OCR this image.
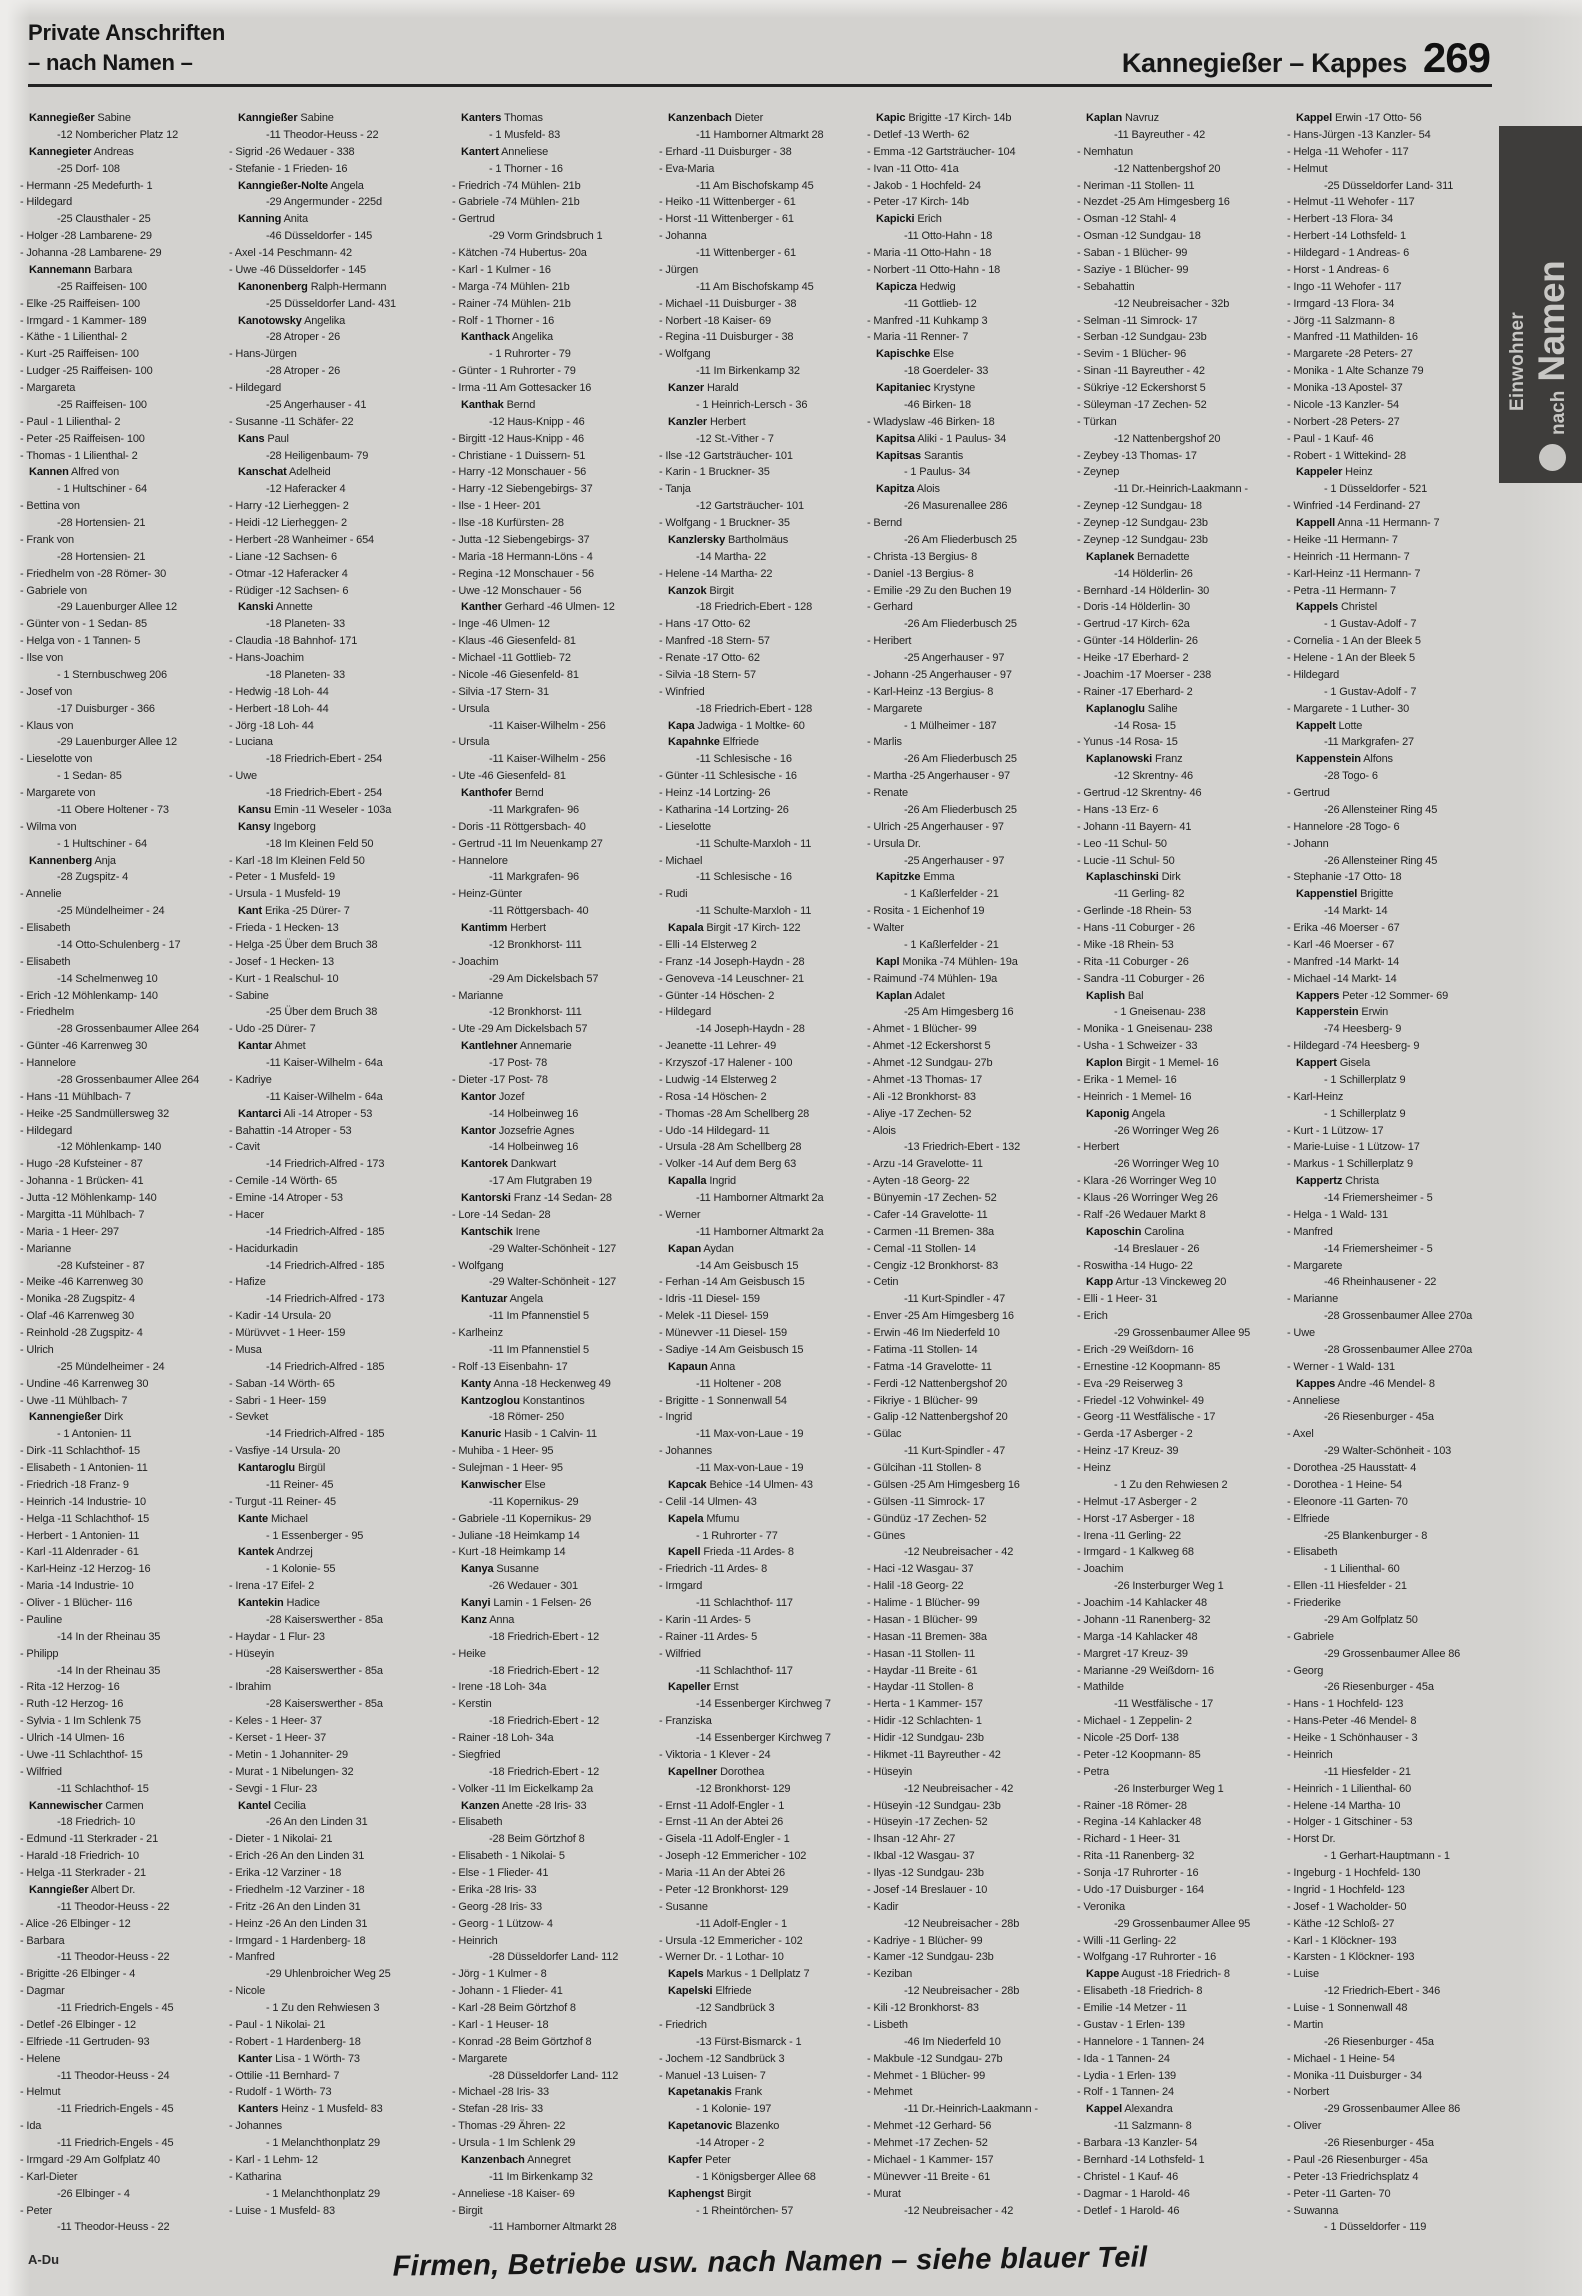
Private Anschriften
– nach Namen –	Kannegießer – Kappes 269
Kannegießer Sabine
-12 Nombericher Platz 12
Kannegieter Andreas
-25 Dorf- 108
- Hermann -25 Medefurth- 1
- Hildegard
-25 Clausthaler - 25
- Holger -28 Lambarene- 29
- Johanna -28 Lambarene- 29
Kannemann Barbara
-25 Raiffeisen- 100
- Elke -25 Raiffeisen- 100
- Irmgard - 1 Kammer- 189
- Käthe - 1 Lilienthal- 2
- Kurt -25 Raiffeisen- 100
- Ludger -25 Raiffeisen- 100
- Margareta
-25 Raiffeisen- 100
- Paul - 1 Lilienthal- 2
- Peter -25 Raiffeisen- 100
- Thomas - 1 Lilienthal- 2
Kannen Alfred von
- 1 Hultschiner - 64
- Bettina von
-28 Hortensien- 21
- Frank von
-28 Hortensien- 21
- Friedhelm von -28 Römer- 30
- Gabriele von
-29 Lauenburger Allee 12
- Günter von - 1 Sedan- 85
- Helga von - 1 Tannen- 5
- Ilse von
- 1 Sternbuschweg 206
- Josef von
-17 Duisburger - 366
- Klaus von
-29 Lauenburger Allee 12
- Lieselotte von
- 1 Sedan- 85
- Margarete von
-11 Obere Holtener - 73
- Wilma von
- 1 Hultschiner - 64
Kannenberg Anja
-28 Zugspitz- 4
- Annelie
-25 Mündelheimer - 24
- Elisabeth
-14 Otto-Schulenberg - 17
- Elisabeth
-14 Schelmenweg 10
- Erich -12 Möhlenkamp- 140
- Friedhelm
-28 Grossenbaumer Allee 264
- Günter -46 Karrenweg 30
- Hannelore
-28 Grossenbaumer Allee 264
- Hans -11 Mühlbach- 7
- Heike -25 Sandmüllersweg 32
- Hildegard
-12 Möhlenkamp- 140
- Hugo -28 Kufsteiner - 87
- Johanna - 1 Brücken- 41
- Jutta -12 Möhlenkamp- 140
- Margitta -11 Mühlbach- 7
- Maria - 1 Heer- 297
- Marianne
-28 Kufsteiner - 87
- Meike -46 Karrenweg 30
- Monika -28 Zugspitz- 4
- Olaf -46 Karrenweg 30
- Reinhold -28 Zugspitz- 4
- Ulrich
-25 Mündelheimer - 24
- Undine -46 Karrenweg 30
- Uwe -11 Mühlbach- 7
Kannengießer Dirk
- 1 Antonien- 11
- Dirk -11 Schlachthof- 15
- Elisabeth - 1 Antonien- 11
- Friedrich -18 Franz- 9
- Heinrich -14 Industrie- 10
- Helga -11 Schlachthof- 15
- Herbert - 1 Antonien- 11
- Karl -11 Aldenrader - 61
- Karl-Heinz -12 Herzog- 16
- Maria -14 Industrie- 10
- Oliver - 1 Blücher- 116
- Pauline
-14 In der Rheinau 35
- Philipp
-14 In der Rheinau 35
- Rita -12 Herzog- 16
- Ruth -12 Herzog- 16
- Sylvia - 1 Im Schlenk 75
- Ulrich -14 Ulmen- 16
- Uwe -11 Schlachthof- 15
- Wilfried
-11 Schlachthof- 15
Kannewischer Carmen
-18 Friedrich- 10
- Edmund -11 Sterkrader - 21
- Harald -18 Friedrich- 10
- Helga -11 Sterkrader - 21
Kanngießer Albert Dr.
-11 Theodor-Heuss - 22
- Alice -26 Elbinger - 12
- Barbara
-11 Theodor-Heuss - 22
- Brigitte -26 Elbinger - 4
- Dagmar
-11 Friedrich-Engels - 45
- Detlef -26 Elbinger - 12
- Elfriede -11 Gertruden- 93
- Helene
-11 Theodor-Heuss - 24
- Helmut
-11 Friedrich-Engels - 45
- Ida
-11 Friedrich-Engels - 45
- Irmgard -29 Am Golfplatz 40
- Karl-Dieter
-26 Elbinger - 4
- Peter
-11 Theodor-Heuss - 22
Kanngießer Sabine
-11 Theodor-Heuss - 22
- Sigrid -26 Wedauer - 338
- Stefanie - 1 Frieden- 16
Kanngießer-Nolte Angela
-29 Angermunder - 225d
Kanning Anita
-46 Düsseldorfer - 145
- Axel -14 Peschmann- 42
- Uwe -46 Düsseldorfer - 145
Kanonenberg Ralph-Hermann
-25 Düsseldorfer Land- 431
Kanotowsky Angelika
-28 Atroper - 26
- Hans-Jürgen
-28 Atroper - 26
- Hildegard
-25 Angerhauser - 41
- Susanne -11 Schäfer- 22
Kans Paul
-28 Heiligenbaum- 79
Kanschat Adelheid
-12 Haferacker 4
- Harry -12 Lierheggen- 2
- Heidi -12 Lierheggen- 2
- Herbert -28 Wanheimer - 654
- Liane -12 Sachsen- 6
- Otmar -12 Haferacker 4
- Rüdiger -12 Sachsen- 6
Kanski Annette
-18 Planeten- 33
- Claudia -18 Bahnhof- 171
- Hans-Joachim
-18 Planeten- 33
- Hedwig -18 Loh- 44
- Herbert -18 Loh- 44
- Jörg -18 Loh- 44
- Luciana
-18 Friedrich-Ebert - 254
- Uwe
-18 Friedrich-Ebert - 254
Kansu Emin -11 Weseler - 103a
Kansy Ingeborg
-18 Im Kleinen Feld 50
- Karl -18 Im Kleinen Feld 50
- Peter - 1 Musfeld- 19
- Ursula - 1 Musfeld- 19
Kant Erika -25 Dürer- 7
- Frieda - 1 Hecken- 13
- Helga -25 Über dem Bruch 38
- Josef - 1 Hecken- 13
- Kurt - 1 Realschul- 10
- Sabine
-25 Über dem Bruch 38
- Udo -25 Dürer- 7
Kantar Ahmet
-11 Kaiser-Wilhelm - 64a
- Kadriye
-11 Kaiser-Wilhelm - 64a
Kantarci Ali -14 Atroper - 53
- Bahattin -14 Atroper - 53
- Cavit
-14 Friedrich-Alfred - 173
- Cemile -14 Wörth- 65
- Emine -14 Atroper - 53
- Hacer
-14 Friedrich-Alfred - 185
- Hacidurkadin
-14 Friedrich-Alfred - 185
- Hafize
-14 Friedrich-Alfred - 173
- Kadir -14 Ursula- 20
- Mürüvvet - 1 Heer- 159
- Musa
-14 Friedrich-Alfred - 185
- Saban -14 Wörth- 65
- Sabri - 1 Heer- 159
- Sevket
-14 Friedrich-Alfred - 185
- Vasfiye -14 Ursula- 20
Kantaroglu Birgül
-11 Reiner- 45
- Turgut -11 Reiner- 45
Kante Michael
- 1 Essenberger - 95
Kantek Andrzej
- 1 Kolonie- 55
- Irena -17 Eifel- 2
Kantekin Hadice
-28 Kaiserswerther - 85a
- Haydar - 1 Flur- 23
- Hüseyin
-28 Kaiserswerther - 85a
- Ibrahim
-28 Kaiserswerther - 85a
- Keles - 1 Heer- 37
- Kerset - 1 Heer- 37
- Metin - 1 Johanniter- 29
- Murat - 1 Nibelungen- 32
- Sevgi - 1 Flur- 23
Kantel Cecilia
-26 An den Linden 31
- Dieter - 1 Nikolai- 21
- Erich -26 An den Linden 31
- Erika -12 Varziner - 18
- Friedhelm -12 Varziner - 18
- Fritz -26 An den Linden 31
- Heinz -26 An den Linden 31
- Irmgard - 1 Hardenberg- 18
- Manfred
-29 Uhlenbroicher Weg 25
- Nicole
- 1 Zu den Rehwiesen 3
- Paul - 1 Nikolai- 21
- Robert - 1 Hardenberg- 18
Kanter Lisa - 1 Wörth- 73
- Ottilie -11 Bernhard- 7
- Rudolf - 1 Wörth- 73
Kanters Heinz - 1 Musfeld- 83
- Johannes
- 1 Melanchthonplatz 29
- Karl - 1 Lehm- 12
- Katharina
- 1 Melanchthonplatz 29
- Luise - 1 Musfeld- 83
Kanters Thomas
- 1 Musfeld- 83
Kantert Anneliese
- 1 Thorner - 16
- Friedrich -74 Mühlen- 21b
- Gabriele -74 Mühlen- 21b
- Gertrud
-29 Vorm Grindsbruch 1
- Kätchen -74 Hubertus- 20a
- Karl - 1 Kulmer - 16
- Marga -74 Mühlen- 21b
- Rainer -74 Mühlen- 21b
- Rolf - 1 Thorner - 16
Kanthack Angelika
- 1 Ruhrorter - 79
- Günter - 1 Ruhrorter - 79
- Irma -11 Am Gottesacker 16
Kanthak Bernd
-12 Haus-Knipp - 46
- Birgitt -12 Haus-Knipp - 46
- Christiane - 1 Duissern- 51
- Harry -12 Monschauer - 56
- Harry -12 Siebengebirgs- 37
- Ilse - 1 Heer- 201
- Ilse -18 Kurfürsten- 28
- Jutta -12 Siebengebirgs- 37
- Maria -18 Hermann-Löns - 4
- Regina -12 Monschauer - 56
- Uwe -12 Monschauer - 56
Kanther Gerhard -46 Ulmen- 12
- Inge -46 Ulmen- 12
- Klaus -46 Giesenfeld- 81
- Michael -11 Gottlieb- 72
- Nicole -46 Giesenfeld- 81
- Silvia -17 Stern- 31
- Ursula
-11 Kaiser-Wilhelm - 256
- Ursula
-11 Kaiser-Wilhelm - 256
- Ute -46 Giesenfeld- 81
Kanthofer Bernd
-11 Markgrafen- 96
- Doris -11 Röttgersbach- 40
- Gertrud -11 Im Neuenkamp 27
- Hannelore
-11 Markgrafen- 96
- Heinz-Günter
-11 Röttgersbach- 40
Kantimm Herbert
-12 Bronkhorst- 111
- Joachim
-29 Am Dickelsbach 57
- Marianne
-12 Bronkhorst- 111
- Ute -29 Am Dickelsbach 57
Kantlehner Annemarie
-17 Post- 78
- Dieter -17 Post- 78
Kantor Jozef
-14 Holbeinweg 16
Kantor Jozsefrie Agnes
-14 Holbeinweg 16
Kantorek Dankwart
-17 Am Flutgraben 19
Kantorski Franz -14 Sedan- 28
- Lore -14 Sedan- 28
Kantschik Irene
-29 Walter-Schönheit - 127
- Wolfgang
-29 Walter-Schönheit - 127
Kantuzar Angela
-11 Im Pfannenstiel 5
- Karlheinz
-11 Im Pfannenstiel 5
- Rolf -13 Eisenbahn- 17
Kanty Anna -18 Heckenweg 49
Kantzoglou Konstantinos
-18 Römer- 250
Kanuric Hasib - 1 Calvin- 11
- Muhiba - 1 Heer- 95
- Sulejman - 1 Heer- 95
Kanwischer Else
-11 Kopernikus- 29
- Gabriele -11 Kopernikus- 29
- Juliane -18 Heimkamp 14
- Kurt -18 Heimkamp 14
Kanya Susanne
-26 Wedauer - 301
Kanyi Lamin - 1 Felsen- 26
Kanz Anna
-18 Friedrich-Ebert - 12
- Heike
-18 Friedrich-Ebert - 12
- Irene -18 Loh- 34a
- Kerstin
-18 Friedrich-Ebert - 12
- Rainer -18 Loh- 34a
- Siegfried
-18 Friedrich-Ebert - 12
- Volker -11 Im Eickelkamp 2a
Kanzen Anette -28 Iris- 33
- Elisabeth
-28 Beim Görtzhof 8
- Elisabeth - 1 Nikolai- 5
- Else - 1 Flieder- 41
- Erika -28 Iris- 33
- Georg -28 Iris- 33
- Georg - 1 Lützow- 4
- Heinrich
-28 Düsseldorfer Land- 112
- Jörg - 1 Kulmer - 8
- Johann - 1 Flieder- 41
- Karl -28 Beim Görtzhof 8
- Karl - 1 Heuser- 18
- Konrad -28 Beim Görtzhof 8
- Margarete
-28 Düsseldorfer Land- 112
- Michael -28 Iris- 33
- Stefan -28 Iris- 33
- Thomas -29 Ähren- 22
- Ursula - 1 Im Schlenk 29
Kanzenbach Annegret
-11 Im Birkenkamp 32
- Anneliese -18 Kaiser- 69
- Birgit
-11 Hamborner Altmarkt 28
Kanzenbach Dieter
-11 Hamborner Altmarkt 28
- Erhard -11 Duisburger - 38
- Eva-Maria
-11 Am Bischofskamp 45
- Heiko -11 Wittenberger - 61
- Horst -11 Wittenberger - 61
- Johanna
-11 Wittenberger - 61
- Jürgen
-11 Am Bischofskamp 45
- Michael -11 Duisburger - 38
- Norbert -18 Kaiser- 69
- Regina -11 Duisburger - 38
- Wolfgang
-11 Im Birkenkamp 32
Kanzer Harald
- 1 Heinrich-Lersch - 36
Kanzler Herbert
-12 St.-Vither - 7
- Ilse -12 Gartsträucher- 101
- Karin - 1 Bruckner- 35
- Tanja
-12 Gartsträucher- 101
- Wolfgang - 1 Bruckner- 35
Kanzlersky Bartholmäus
-14 Martha- 22
- Helene -14 Martha- 22
Kanzok Birgit
-18 Friedrich-Ebert - 128
- Hans -17 Otto- 62
- Manfred -18 Stern- 57
- Renate -17 Otto- 62
- Silvia -18 Stern- 57
- Winfried
-18 Friedrich-Ebert - 128
Kapa Jadwiga - 1 Moltke- 60
Kapahnke Elfriede
-11 Schlesische - 16
- Günter -11 Schlesische - 16
- Heinz -14 Lortzing- 26
- Katharina -14 Lortzing- 26
- Lieselotte
-11 Schulte-Marxloh - 11
- Michael
-11 Schlesische - 16
- Rudi
-11 Schulte-Marxloh - 11
Kapala Birgit -17 Kirch- 122
- Elli -14 Elsterweg 2
- Franz -14 Joseph-Haydn - 28
- Genoveva -14 Leuschner- 21
- Günter -14 Höschen- 2
- Hildegard
-14 Joseph-Haydn - 28
- Jeanette -11 Lehrer- 49
- Krzyszof -17 Halener - 100
- Ludwig -14 Elsterweg 2
- Rosa -14 Höschen- 2
- Thomas -28 Am Schellberg 28
- Udo -14 Hildegard- 11
- Ursula -28 Am Schellberg 28
- Volker -14 Auf dem Berg 63
Kapalla Ingrid
-11 Hamborner Altmarkt 2a
- Werner
-11 Hamborner Altmarkt 2a
Kapan Aydan
-14 Am Geisbusch 15
- Ferhan -14 Am Geisbusch 15
- Idris -11 Diesel- 159
- Melek -11 Diesel- 159
- Münevver -11 Diesel- 159
- Sadiye -14 Am Geisbusch 15
Kapaun Anna
-11 Holtener - 208
- Brigitte - 1 Sonnenwall 54
- Ingrid
-11 Max-von-Laue - 19
- Johannes
-11 Max-von-Laue - 19
Kapcak Behice -14 Ulmen- 43
- Celil -14 Ulmen- 43
Kapela Mfumu
- 1 Ruhrorter - 77
Kapell Frieda -11 Ardes- 8
- Friedrich -11 Ardes- 8
- Irmgard
-11 Schlachthof- 117
- Karin -11 Ardes- 5
- Rainer -11 Ardes- 5
- Wilfried
-11 Schlachthof- 117
Kapeller Ernst
-14 Essenberger Kirchweg 7
- Franziska
-14 Essenberger Kirchweg 7
- Viktoria - 1 Klever - 24
Kapellner Dorothea
-12 Bronkhorst- 129
- Ernst -11 Adolf-Engler - 1
- Ernst -11 An der Abtei 26
- Gisela -11 Adolf-Engler - 1
- Joseph -12 Emmericher - 102
- Maria -11 An der Abtei 26
- Peter -12 Bronkhorst- 129
- Susanne
-11 Adolf-Engler - 1
- Ursula -12 Emmericher - 102
- Werner Dr. - 1 Lothar- 10
Kapels Markus - 1 Dellplatz 7
Kapelski Elfriede
-12 Sandbrück 3
- Friedrich
-13 Fürst-Bismarck - 1
- Jochem -12 Sandbrück 3
- Manuel -13 Luisen- 7
Kapetanakis Frank
- 1 Kolonie- 197
Kapetanovic Blazenko
-14 Atroper - 2
Kapfer Peter
- 1 Königsberger Allee 68
Kaphengst Birgit
- 1 Rheintörchen- 57
Kapic Brigitte -17 Kirch- 14b
- Detlef -13 Werth- 62
- Emma -12 Gartsträucher- 104
- Ivan -11 Otto- 41a
- Jakob - 1 Hochfeld- 24
- Peter -17 Kirch- 14b
Kapicki Erich
-11 Otto-Hahn - 18
- Maria -11 Otto-Hahn - 18
- Norbert -11 Otto-Hahn - 18
Kapicza Hedwig
-11 Gottlieb- 12
- Manfred -11 Kuhkamp 3
- Maria -11 Renner- 7
Kapischke Else
-18 Goerdeler- 33
Kapitaniec Krystyne
-46 Birken- 18
- Wladyslaw -46 Birken- 18
Kapitsa Aliki - 1 Paulus- 34
Kapitsas Sarantis
- 1 Paulus- 34
Kapitza Alois
-26 Masurenallee 286
- Bernd
-26 Am Fliederbusch 25
- Christa -13 Bergius- 8
- Daniel -13 Bergius- 8
- Emilie -29 Zu den Buchen 19
- Gerhard
-26 Am Fliederbusch 25
- Heribert
-25 Angerhauser - 97
- Johann -25 Angerhauser - 97
- Karl-Heinz -13 Bergius- 8
- Margarete
- 1 Mülheimer - 187
- Marlis
-26 Am Fliederbusch 25
- Martha -25 Angerhauser - 97
- Renate
-26 Am Fliederbusch 25
- Ulrich -25 Angerhauser - 97
- Ursula Dr.
-25 Angerhauser - 97
Kapitzke Emma
- 1 Kaßlerfelder - 21
- Rosita - 1 Eichenhof 19
- Walter
- 1 Kaßlerfelder - 21
Kapl Monika -74 Mühlen- 19a
- Raimund -74 Mühlen- 19a
Kaplan Adalet
-25 Am Himgesberg 16
- Ahmet - 1 Blücher- 99
- Ahmet -12 Eckershorst 5
- Ahmet -12 Sundgau- 27b
- Ahmet -13 Thomas- 17
- Ali -12 Bronkhorst- 83
- Aliye -17 Zechen- 52
- Alois
-13 Friedrich-Ebert - 132
- Arzu -14 Gravelotte- 11
- Ayten -18 Georg- 22
- Bünyemin -17 Zechen- 52
- Cafer -14 Gravelotte- 11
- Carmen -11 Bremen- 38a
- Cemal -11 Stollen- 14
- Cengiz -12 Bronkhorst- 83
- Cetin
-11 Kurt-Spindler - 47
- Enver -25 Am Himgesberg 16
- Erwin -46 Im Niederfeld 10
- Fatima -11 Stollen- 14
- Fatma -14 Gravelotte- 11
- Ferdi -12 Nattenbergshof 20
- Fikriye - 1 Blücher- 99
- Galip -12 Nattenbergshof 20
- Gülac
-11 Kurt-Spindler - 47
- Gülcihan -11 Stollen- 8
- Gülsen -25 Am Himgesberg 16
- Gülsen -11 Simrock- 17
- Gündüz -17 Zechen- 52
- Günes
-12 Neubreisacher - 42
- Haci -12 Wasgau- 37
- Halil -18 Georg- 22
- Halime - 1 Blücher- 99
- Hasan - 1 Blücher- 99
- Hasan -11 Bremen- 38a
- Hasan -11 Stollen- 11
- Haydar -11 Breite - 61
- Haydar -11 Stollen- 8
- Herta - 1 Kammer- 157
- Hidir -12 Schlachten- 1
- Hidir -12 Sundgau- 23b
- Hikmet -11 Bayreuther - 42
- Hüseyin
-12 Neubreisacher - 42
- Hüseyin -12 Sundgau- 23b
- Hüseyin -17 Zechen- 52
- Ihsan -12 Ahr- 27
- Ikbal -12 Wasgau- 37
- Ilyas -12 Sundgau- 23b
- Josef -14 Breslauer - 10
- Kadir
-12 Neubreisacher - 28b
- Kadriye - 1 Blücher- 99
- Kamer -12 Sundgau- 23b
- Keziban
-12 Neubreisacher - 28b
- Kili -12 Bronkhorst- 83
- Lisbeth
-46 Im Niederfeld 10
- Makbule -12 Sundgau- 27b
- Mehmet - 1 Blücher- 99
- Mehmet
-11 Dr.-Heinrich-Laakmann -
- Mehmet -12 Gerhard- 56
- Mehmet -17 Zechen- 52
- Michael - 1 Kammer- 157
- Münevver -11 Breite - 61
- Murat
-12 Neubreisacher - 42
Kaplan Navruz
-11 Bayreuther - 42
- Nemhatun
-12 Nattenbergshof 20
- Neriman -11 Stollen- 11
- Nezdet -25 Am Himgesberg 16
- Osman -12 Stahl- 4
- Osman -12 Sundgau- 18
- Saban - 1 Blücher- 99
- Saziye - 1 Blücher- 99
- Sebahattin
-12 Neubreisacher - 32b
- Selman -11 Simrock- 17
- Serban -12 Sundgau- 23b
- Sevim - 1 Blücher- 96
- Sinan -11 Bayreuther - 42
- Sükriye -12 Eckershorst 5
- Süleyman -17 Zechen- 52
- Türkan
-12 Nattenbergshof 20
- Zeybey -13 Thomas- 17
- Zeynep
-11 Dr.-Heinrich-Laakmann -
- Zeynep -12 Sundgau- 18
- Zeynep -12 Sundgau- 23b
- Zeynep -12 Sundgau- 23b
Kaplanek Bernadette
-14 Hölderlin- 26
- Bernhard -14 Hölderlin- 30
- Doris -14 Hölderlin- 30
- Gertrud -17 Kirch- 62a
- Günter -14 Hölderlin- 26
- Heike -17 Eberhard- 2
- Joachim -17 Moerser - 238
- Rainer -17 Eberhard- 2
Kaplanoglu Salihe
-14 Rosa- 15
- Yunus -14 Rosa- 15
Kaplanowski Franz
-12 Skrentny- 46
- Gertrud -12 Skrentny- 46
- Hans -13 Erz- 6
- Johann -11 Bayern- 41
- Leo -11 Schul- 50
- Lucie -11 Schul- 50
Kaplaschinski Dirk
-11 Gerling- 82
- Gerlinde -18 Rhein- 53
- Hans -11 Coburger - 26
- Mike -18 Rhein- 53
- Rita -11 Coburger - 26
- Sandra -11 Coburger - 26
Kaplish Bal
- 1 Gneisenau- 238
- Monika - 1 Gneisenau- 238
- Usha - 1 Schweizer - 33
Kaplon Birgit - 1 Memel- 16
- Erika - 1 Memel- 16
- Heinrich - 1 Memel- 16
Kaponig Angela
-26 Worringer Weg 26
- Herbert
-26 Worringer Weg 10
- Klara -26 Worringer Weg 10
- Klaus -26 Worringer Weg 26
- Ralf -26 Wedauer Markt 8
Kaposchin Carolina
-14 Breslauer - 26
- Roswitha -14 Hugo- 22
Kapp Artur -13 Vinckeweg 20
- Elli - 1 Heer- 31
- Erich
-29 Grossenbaumer Allee 95
- Erich -29 Weißdorn- 16
- Ernestine -12 Koopmann- 85
- Eva -29 Reiserweg 3
- Friedel -12 Vohwinkel- 49
- Georg -11 Westfälische - 17
- Gerda -17 Asberger - 2
- Heinz -17 Kreuz- 39
- Heinz
- 1 Zu den Rehwiesen 2
- Helmut -17 Asberger - 2
- Horst -17 Asberger - 18
- Irena -11 Gerling- 22
- Irmgard - 1 Kalkweg 68
- Joachim
-26 Insterburger Weg 1
- Joachim -14 Kahlacker 48
- Johann -11 Ranenberg- 32
- Marga -14 Kahlacker 48
- Margret -17 Kreuz- 39
- Marianne -29 Weißdorn- 16
- Mathilde
-11 Westfälische - 17
- Michael - 1 Zeppelin- 2
- Nicole -25 Dorf- 138
- Peter -12 Koopmann- 85
- Petra
-26 Insterburger Weg 1
- Rainer -18 Römer- 28
- Regina -14 Kahlacker 48
- Richard - 1 Heer- 31
- Rita -11 Ranenberg- 32
- Sonja -17 Ruhrorter - 16
- Udo -17 Duisburger - 164
- Veronika
-29 Grossenbaumer Allee 95
- Willi -11 Gerling- 22
- Wolfgang -17 Ruhrorter - 16
Kappe August -18 Friedrich- 8
- Elisabeth -18 Friedrich- 8
- Emilie -14 Metzer - 11
- Gustav - 1 Erlen- 139
- Hannelore - 1 Tannen- 24
- Ida - 1 Tannen- 24
- Lydia - 1 Erlen- 139
- Rolf - 1 Tannen- 24
Kappel Alexandra
-11 Salzmann- 8
- Barbara -13 Kanzler- 54
- Bernhard -14 Lothsfeld- 1
- Christel - 1 Kauf- 46
- Dagmar - 1 Harold- 46
- Detlef - 1 Harold- 46
Kappel Erwin -17 Otto- 56
- Hans-Jürgen -13 Kanzler- 54
- Helga -11 Wehofer - 117
- Helmut
-25 Düsseldorfer Land- 311
- Helmut -11 Wehofer - 117
- Herbert -13 Flora- 34
- Herbert -14 Lothsfeld- 1
- Hildegard - 1 Andreas- 6
- Horst - 1 Andreas- 6
- Ingo -11 Wehofer - 117
- Irmgard -13 Flora- 34
- Jörg -11 Salzmann- 8
- Manfred -11 Mathilden- 16
- Margarete -28 Peters- 27
- Monika - 1 Alte Schanze 79
- Monika -13 Apostel- 37
- Nicole -13 Kanzler- 54
- Norbert -28 Peters- 27
- Paul - 1 Kauf- 46
- Robert - 1 Wittekind- 28
Kappeler Heinz
- 1 Düsseldorfer - 521
- Winfried -14 Ferdinand- 27
Kappell Anna -11 Hermann- 7
- Heike -11 Hermann- 7
- Heinrich -11 Hermann- 7
- Karl-Heinz -11 Hermann- 7
- Petra -11 Hermann- 7
Kappels Christel
- 1 Gustav-Adolf - 7
- Cornelia - 1 An der Bleek 5
- Helene - 1 An der Bleek 5
- Hildegard
- 1 Gustav-Adolf - 7
- Margarete - 1 Luther- 30
Kappelt Lotte
-11 Markgrafen- 27
Kappenstein Alfons
-28 Togo- 6
- Gertrud
-26 Allensteiner Ring 45
- Hannelore -28 Togo- 6
- Johann
-26 Allensteiner Ring 45
- Stephanie -17 Otto- 18
Kappenstiel Brigitte
-14 Markt- 14
- Erika -46 Moerser - 67
- Karl -46 Moerser - 67
- Manfred -14 Markt- 14
- Michael -14 Markt- 14
Kappers Peter -12 Sommer- 69
Kapperstein Erwin
-74 Heesberg- 9
- Hildegard -74 Heesberg- 9
Kappert Gisela
- 1 Schillerplatz 9
- Karl-Heinz
- 1 Schillerplatz 9
- Kurt - 1 Lützow- 17
- Marie-Luise - 1 Lützow- 17
- Markus - 1 Schillerplatz 9
Kappertz Christa
-14 Friemersheimer - 5
- Helga - 1 Wald- 131
- Manfred
-14 Friemersheimer - 5
- Margarete
-46 Rheinhausener - 22
- Marianne
-28 Grossenbaumer Allee 270a
- Uwe
-28 Grossenbaumer Allee 270a
- Werner - 1 Wald- 131
Kappes Andre -46 Mendel- 8
- Anneliese
-26 Riesenburger - 45a
- Axel
-29 Walter-Schönheit - 103
- Dorothea -25 Hausstatt- 4
- Dorothea - 1 Heine- 54
- Eleonore -11 Garten- 70
- Elfriede
-25 Blankenburger - 8
- Elisabeth
- 1 Lilienthal- 60
- Ellen -11 Hiesfelder - 21
- Friederike
-29 Am Golfplatz 50
- Gabriele
-29 Grossenbaumer Allee 86
- Georg
-26 Riesenburger - 45a
- Hans - 1 Hochfeld- 123
- Hans-Peter -46 Mendel- 8
- Heike - 1 Schönhauser - 3
- Heinrich
-11 Hiesfelder - 21
- Heinrich - 1 Lilienthal- 60
- Helene -14 Martha- 10
- Holger - 1 Gitschiner - 53
- Horst Dr.
- 1 Gerhart-Hauptmann - 1
- Ingeburg - 1 Hochfeld- 130
- Ingrid - 1 Hochfeld- 123
- Josef - 1 Wacholder- 50
- Käthe -12 Schloß- 27
- Karl - 1 Klöckner- 193
- Karsten - 1 Klöckner- 193
- Luise
-12 Friedrich-Ebert - 346
- Luise - 1 Sonnenwall 48
- Martin
-26 Riesenburger - 45a
- Michael - 1 Heine- 54
- Monika -11 Duisburger - 34
- Norbert
-29 Grossenbaumer Allee 86
- Oliver
-26 Riesenburger - 45a
- Paul -26 Riesenburger - 45a
- Peter -13 Friedrichsplatz 4
- Peter -11 Garten- 70
- Suwanna
- 1 Düsseldorfer - 119
Einwohner
nach
Namen
A-Du	Firmen, Betriebe usw. nach Namen – siehe blauer Teil
